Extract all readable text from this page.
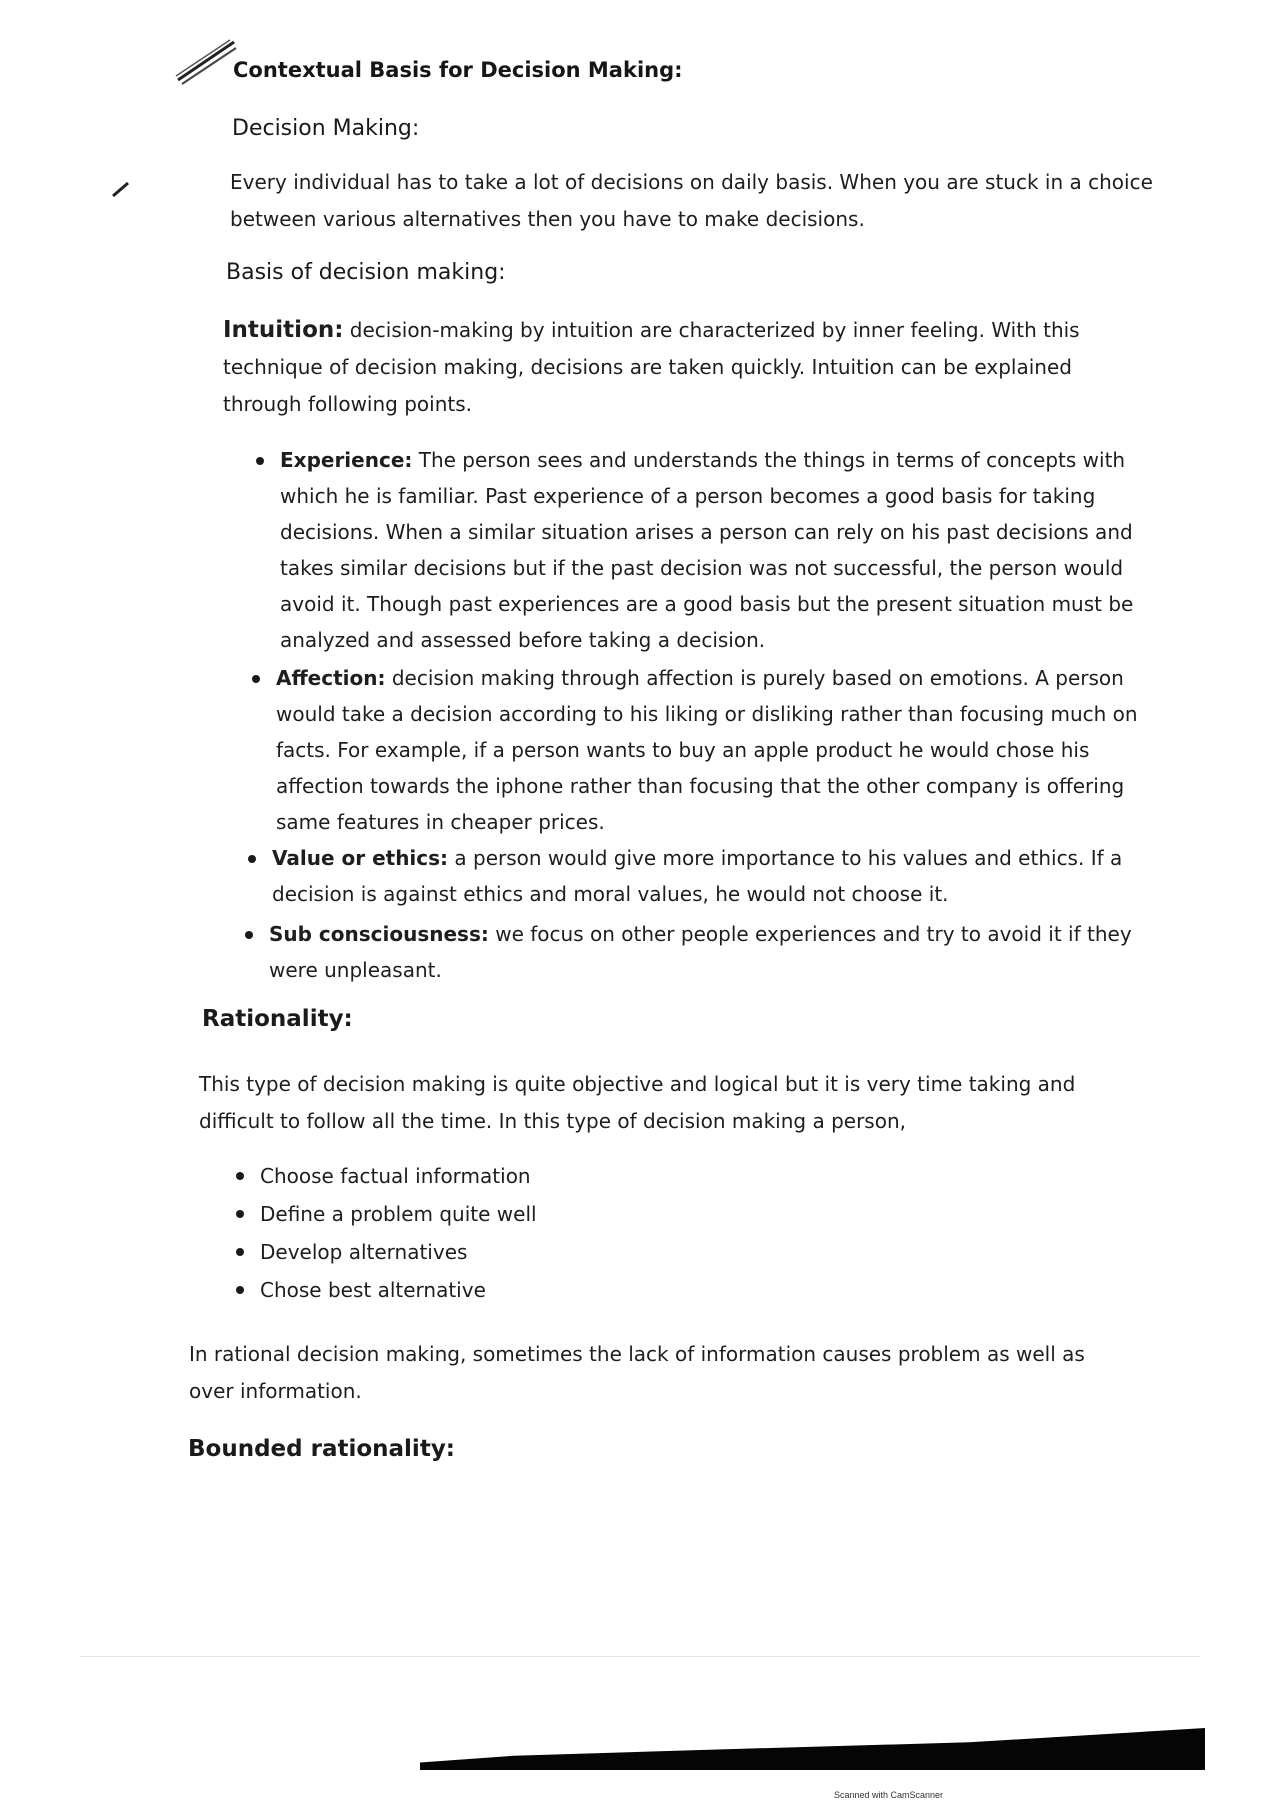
Contextual Basis for Decision Making:
Decision Making:
Every individual has to take a lot of decisions on daily basis. When you are stuck in a choice
between various alternatives then you have to make decisions.
Basis of decision making:
Intuition: decision-making by intuition are characterized by inner feeling. With this
technique of decision making, decisions are taken quickly. Intuition can be explained
through following points.
Experience: The person sees and understands the things in terms of concepts with
which he is familiar. Past experience of a person becomes a good basis for taking
decisions. When a similar situation arises a person can rely on his past decisions and
takes similar decisions but if the past decision was not successful, the person would
avoid it. Though past experiences are a good basis but the present situation must be
analyzed and assessed before taking a decision.
Affection: decision making through affection is purely based on emotions. A person
would take a decision according to his liking or disliking rather than focusing much on
facts. For example, if a person wants to buy an apple product he would chose his
affection towards the iphone rather than focusing that the other company is offering
same features in cheaper prices.
Value or ethics: a person would give more importance to his values and ethics. If a
decision is against ethics and moral values, he would not choose it.
Sub consciousness: we focus on other people experiences and try to avoid it if they
were unpleasant.
Rationality:
This type of decision making is quite objective and logical but it is very time taking and
difficult to follow all the time. In this type of decision making a person,
Choose factual information
Define a problem quite well
Develop alternatives
Chose best alternative
In rational decision making, sometimes the lack of information causes problem as well as
over information.
Bounded rationality:
Scanned with CamScanner
